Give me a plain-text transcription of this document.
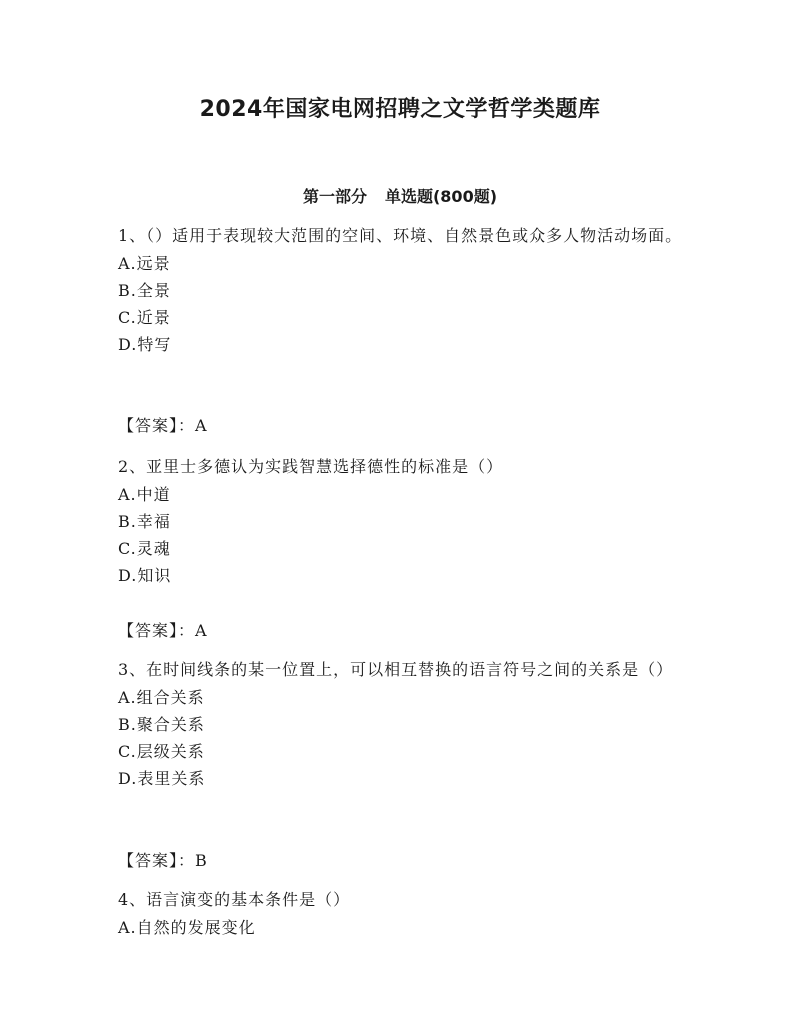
2024年国家电网招聘之文学哲学类题库
第一部分 单选题(800题)

1、（）适用于表现较大范围的空间、环境、自然景色或众多人物活动场面。

A.远景

B.全景

C.近景

D.特写

【答案】：A

2、亚里士多德认为实践智慧选择德性的标准是（）

A.中道

B.幸福

C.灵魂

D.知识

【答案】：A

3、在时间线条的某一位置上，可以相互替换的语言符号之间的关系是（）

A.组合关系

B.聚合关系

C.层级关系

D.表里关系

【答案】：B

4、语言演变的基本条件是（）

A.自然的发展变化
